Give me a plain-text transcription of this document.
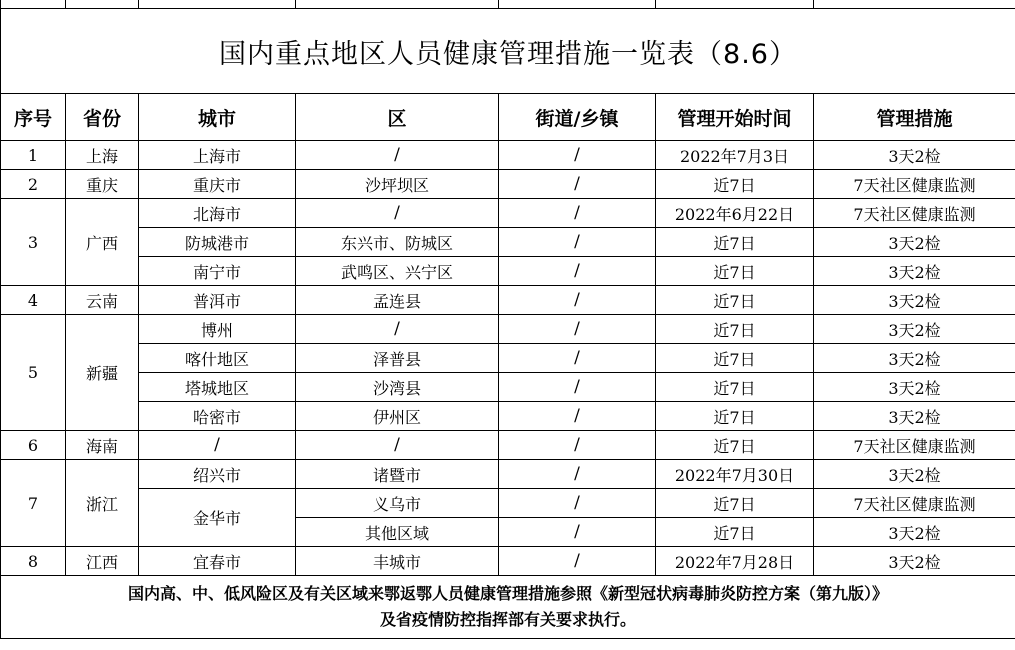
国内重点地区人员健康管理措施一览表（8.6）						
序号	省份	城市	区	街道/乡镇	管理开始时间	管理措施
1	上海	上海市	/	/	2022年7月3日	3天2检
2	重庆	重庆市	沙坪坝区	/	近7日	7天社区健康监测
3	广西	北海市	/	/	2022年6月22日	7天社区健康监测
		防城港市	东兴市、防城区	/	近7日	3天2检
		南宁市	武鸣区、兴宁区	/	近7日	3天2检
4	云南	普洱市	孟连县	/	近7日	3天2检
5	新疆	博州	/	/	近7日	3天2检
		喀什地区	泽普县	/	近7日	3天2检
		塔城地区	沙湾县	/	近7日	3天2检
		哈密市	伊州区	/	近7日	3天2检
6	海南	/	/	/	近7日	7天社区健康监测
7	浙江	绍兴市	诸暨市	/	2022年7月30日	3天2检
		金华市	义乌市	/	近7日	7天社区健康监测
			其他区域	/	近7日	3天2检
8	江西	宜春市	丰城市	/	2022年7月28日	3天2检
国内高、中、低风险区及有关区域来鄂返鄂人员健康管理措施参照《新型冠状病毒肺炎防控方案（第九版）》
及省疫情防控指挥部有关要求执行。						
